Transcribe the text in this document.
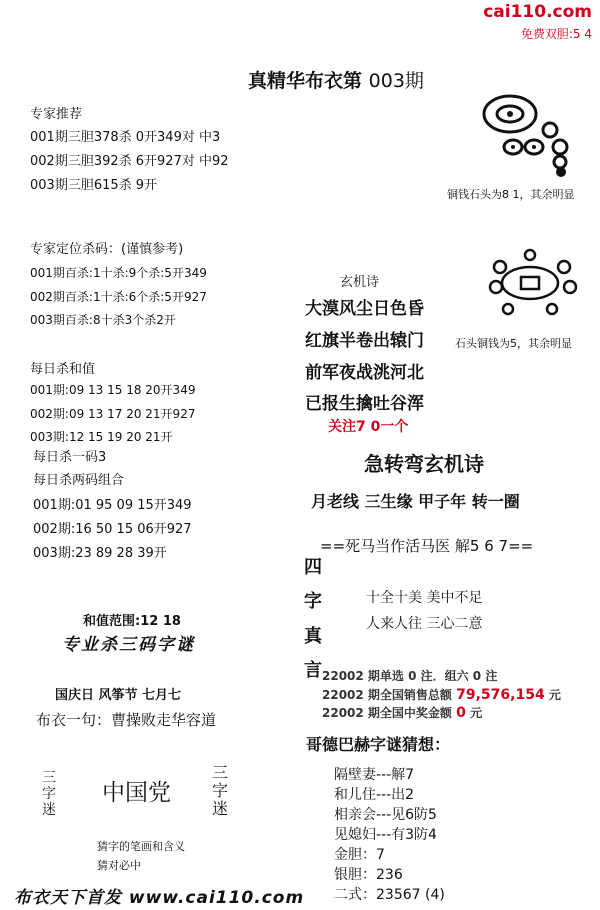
cai110.com
免费双胆:5 4
真精华布衣第 003期
专家推荐
001期三胆378杀 0开349对 中3
002期三胆392杀 6开927对 中92
003期三胆615杀 9开
专家定位杀码：(谨慎参考)
001期百杀:1十杀:9个杀:5开349
002期百杀:1十杀:6个杀:5开927
003期百杀:8十杀3个杀2开
每日杀和值
001期:09 13 15 18 20开349
002期:09 13 17 20 21开927
003期:12 15 19 20 21开
每日杀一码3
每日杀两码组合
001期:01 95 09 15开349
002期:16 50 15 06开927
003期:23 89 28 39开
和值范围:12 18
专业杀三码字谜
国庆日 风筝节 七月七
布衣一句：曹操败走华容道
三字迷
中国党
三字迷
猜字的笔画和含义
猜对必中
布衣天下首发 www.cai110.com
铜钱石头为8 1，其余明显
石头铜钱为5，其余明显
玄机诗
大漠风尘日色昏
红旗半卷出辕门
前军夜战洮河北
已报生擒吐谷浑
关注7 0一个
急转弯玄机诗
月老线 三生缘 甲子年 转一圈
==死马当作活马医 解5 6 7==
四
字
真
言
十全十美 美中不足
人来人往 三心二意
22002 期单选 0 注．组六 0 注
22002 期全国销售总额 79,576,154 元
22002 期全国中奖金额 0 元
哥德巴赫字谜猜想：
隔壁妻---解7
和儿住---出2
相亲会---见6防5
见媳妇---有3防4
金胆：7
银胆：236
二式：23567 (4)
